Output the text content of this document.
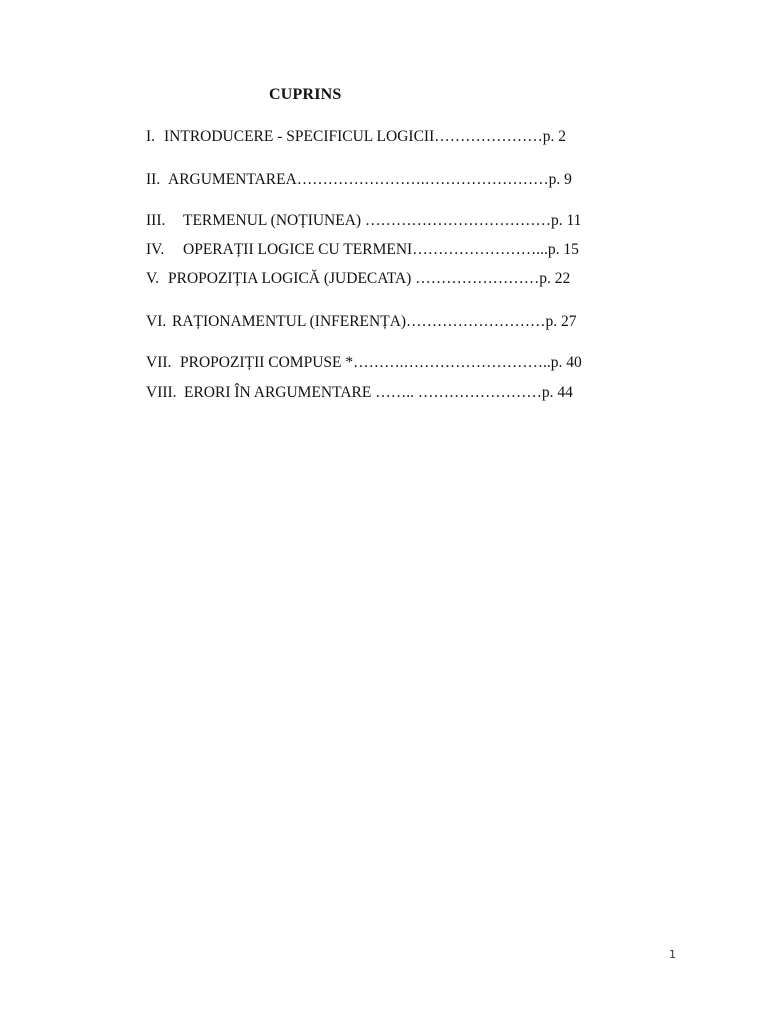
CUPRINS
I. INTRODUCERE - SPECIFICUL LOGICII…………………p. 2
II. ARGUMENTAREA…………………….……………………p. 9
III. TERMENUL (NOȚIUNEA) ………………………………p. 11
IV. OPERAȚII LOGICE CU TERMENI……………………...p. 15
V. PROPOZIȚIA LOGICĂ (JUDECATA) ……………………p. 22
VI. RAȚIONAMENTUL (INFERENȚA)………………………p. 27
VII. PROPOZIȚII COMPUSE *……….………………………..p. 40
VIII. ERORI ÎN ARGUMENTARE …….. ……………………p. 44
1
